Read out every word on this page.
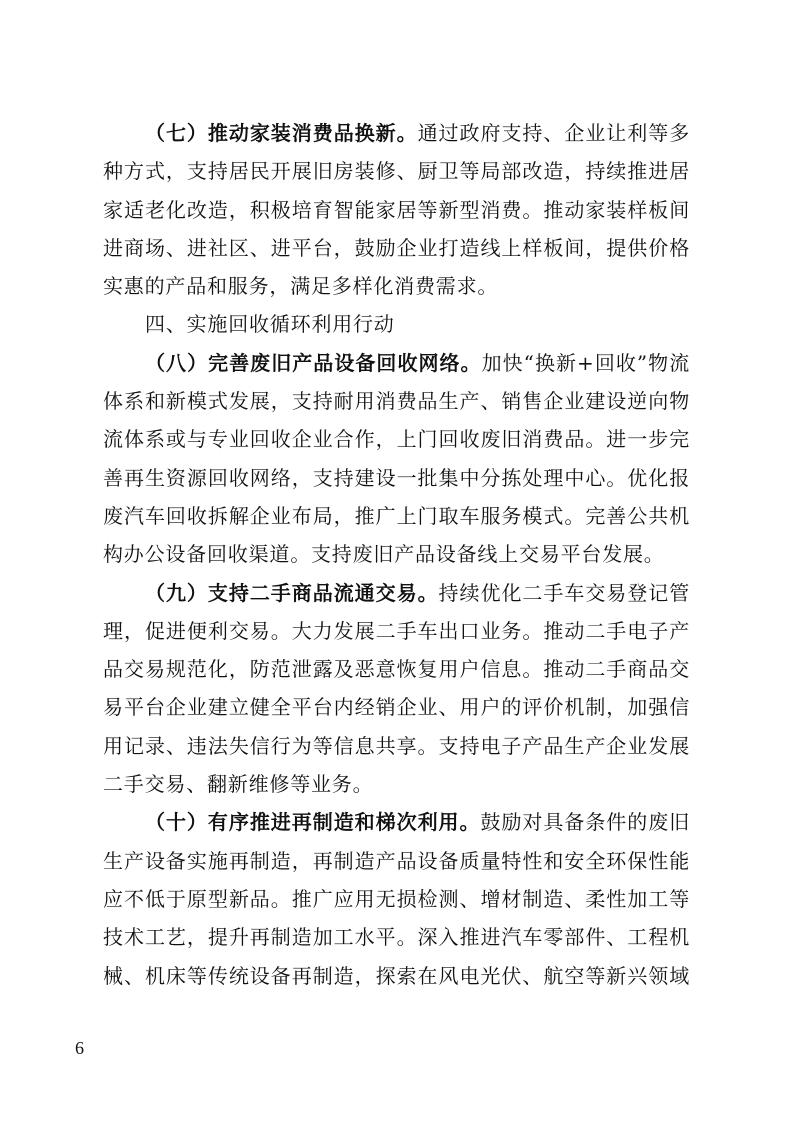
（七）推动家装消费品换新。通过政府支持、企业让利等多
种方式，支持居民开展旧房装修、厨卫等局部改造，持续推进居
家适老化改造，积极培育智能家居等新型消费。推动家装样板间
进商场、进社区、进平台，鼓励企业打造线上样板间，提供价格
实惠的产品和服务，满足多样化消费需求。
四、实施回收循环利用行动
（八）完善废旧产品设备回收网络。加快“换新+回收”物流
体系和新模式发展，支持耐用消费品生产、销售企业建设逆向物
流体系或与专业回收企业合作，上门回收废旧消费品。进一步完
善再生资源回收网络，支持建设一批集中分拣处理中心。优化报
废汽车回收拆解企业布局，推广上门取车服务模式。完善公共机
构办公设备回收渠道。支持废旧产品设备线上交易平台发展。
（九）支持二手商品流通交易。持续优化二手车交易登记管
理，促进便利交易。大力发展二手车出口业务。推动二手电子产
品交易规范化，防范泄露及恶意恢复用户信息。推动二手商品交
易平台企业建立健全平台内经销企业、用户的评价机制，加强信
用记录、违法失信行为等信息共享。支持电子产品生产企业发展
二手交易、翻新维修等业务。
（十）有序推进再制造和梯次利用。鼓励对具备条件的废旧
生产设备实施再制造，再制造产品设备质量特性和安全环保性能
应不低于原型新品。推广应用无损检测、增材制造、柔性加工等
技术工艺，提升再制造加工水平。深入推进汽车零部件、工程机
械、机床等传统设备再制造，探索在风电光伏、航空等新兴领域
6
